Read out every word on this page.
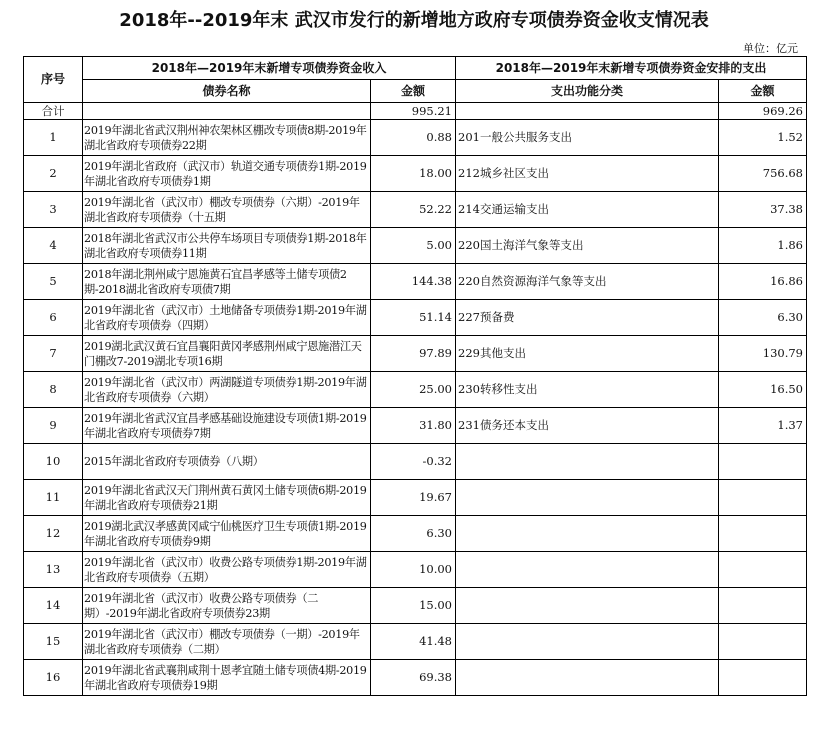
2018年--2019年末 武汉市发行的新增地方政府专项债券资金收支情况表
单位：亿元
序号	2018年—2019年末新增专项债券资金收入		2018年—2019年末新增专项债券资金安排的支出	
	债券名称	金额	支出功能分类	金额
合计		995.21		969.26
1	2019年湖北省武汉荆州神农架林区棚改专项债8期-2019年湖北省政府专项债券22期	0.88	201一般公共服务支出	1.52
2	2019年湖北省政府（武汉市）轨道交通专项债券1期-2019年湖北省政府专项债券1期	18.00	212城乡社区支出	756.68
3	2019年湖北省（武汉市）棚改专项债券（六期）-2019年湖北省政府专项债券（十五期	52.22	214交通运输支出	37.38
4	2018年湖北省武汉市公共停车场项目专项债券1期-2018年湖北省政府专项债券11期	5.00	220国土海洋气象等支出	1.86
5	2018年湖北荆州咸宁恩施黄石宜昌孝感等土储专项债2期-2018湖北省政府专项债7期	144.38	220自然资源海洋气象等支出	16.86
6	2019年湖北省（武汉市）土地储备专项债券1期-2019年湖北省政府专项债券（四期）	51.14	227预备费	6.30
7	2019湖北武汉黄石宜昌襄阳黄冈孝感荆州咸宁恩施潜江天门棚改7-2019湖北专项16期	97.89	229其他支出	130.79
8	2019年湖北省（武汉市）两湖隧道专项债券1期-2019年湖北省政府专项债券（六期）	25.00	230转移性支出	16.50
9	2019年湖北省武汉宜昌孝感基础设施建设专项债1期-2019年湖北省政府专项债券7期	31.80	231债务还本支出	1.37
10	2015年湖北省政府专项债券（八期）	-0.32		
11	2019年湖北省武汉天门荆州黄石黄冈土储专项债6期-2019年湖北省政府专项债券21期	19.67		
12	2019湖北武汉孝感黄冈咸宁仙桃医疗卫生专项债1期-2019年湖北省政府专项债券9期	6.30		
13	2019年湖北省（武汉市）收费公路专项债券1期-2019年湖北省政府专项债券（五期）	10.00		
14	2019年湖北省（武汉市）收费公路专项债券（二期）-2019年湖北省政府专项债券23期	15.00		
15	2019年湖北省（武汉市）棚改专项债券（一期）-2019年湖北省政府专项债券（二期）	41.48		
16	2019年湖北省武襄荆咸荆十恩孝宜随土储专项债4期-2019年湖北省政府专项债券19期	69.38		
